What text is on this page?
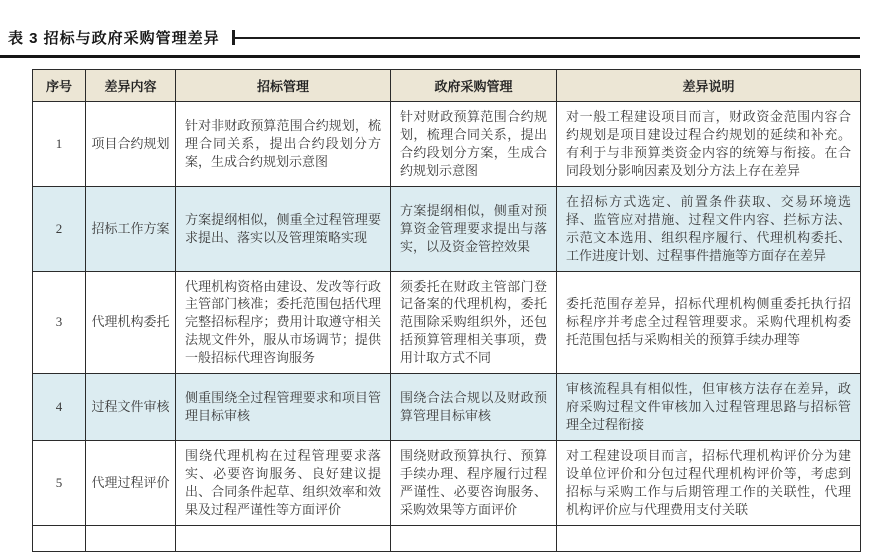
表 3 招标与政府采购管理差异
序号	差异内容	招标管理	政府采购管理	差异说明
1	项目合约规划	针对非财政预算范围合约规划，梳理合同关系，提出合约段划分方案，生成合约规划示意图	针对财政预算范围合约规划，梳理合同关系，提出合约段划分方案，生成合约规划示意图	对一般工程建设项目而言，财政资金范围内容合约规划是项目建设过程合约规划的延续和补充。有利于与非预算类资金内容的统筹与衔接。在合同段划分影响因素及划分方法上存在差异
2	招标工作方案	方案提纲相似，侧重全过程管理要求提出、落实以及管理策略实现	方案提纲相似，侧重对预算资金管理要求提出与落实，以及资金管控效果	在招标方式选定、前置条件获取、交易环境选择、监管应对措施、过程文件内容、拦标方法、示范文本选用、组织程序履行、代理机构委托、工作进度计划、过程事件措施等方面存在差异
3	代理机构委托	代理机构资格由建设、发改等行政主管部门核准；委托范围包括代理完整招标程序；费用计取遵守相关法规文件外，服从市场调节；提供一般招标代理咨询服务	须委托在财政主管部门登记备案的代理机构，委托范围除采购组织外，还包括预算管理相关事项，费用计取方式不同	委托范围存差异，招标代理机构侧重委托执行招标程序并考虑全过程管理要求。采购代理机构委托范围包括与采购相关的预算手续办理等
4	过程文件审核	侧重围绕全过程管理要求和项目管理目标审核	围绕合法合规以及财政预算管理目标审核	审核流程具有相似性，但审核方法存在差异，政府采购过程文件审核加入过程管理思路与招标管理全过程衔接
5	代理过程评价	围绕代理机构在过程管理要求落实、必要咨询服务、良好建议提出、合同条件起草、组织效率和效果及过程严谨性等方面评价	围绕财政预算执行、预算手续办理、程序履行过程严谨性、必要咨询服务、采购效果等方面评价	对工程建设项目而言，招标代理机构评价分为建设单位评价和分包过程代理机构评价等，考虑到招标与采购工作与后期管理工作的关联性，代理机构评价应与代理费用支付关联
